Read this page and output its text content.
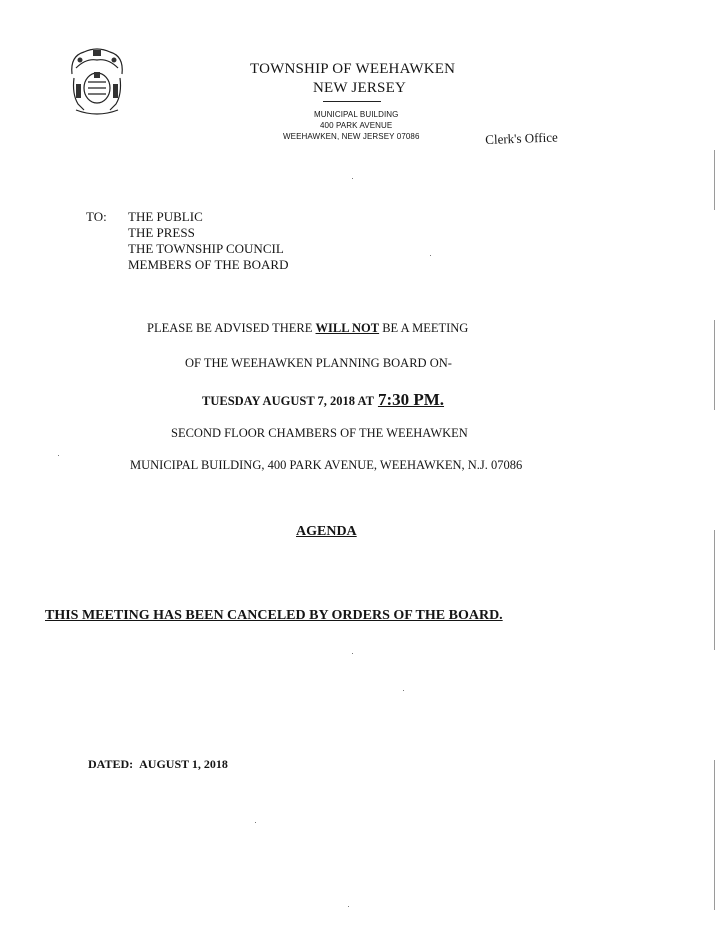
TOWNSHIP OF WEEHAWKEN
NEW JERSEY
MUNICIPAL BUILDING
400 PARK AVENUE
WEEHAWKEN, NEW JERSEY 07086	Clerk's Office
TO: THE PUBLIC
THE PRESS
THE TOWNSHIP COUNCIL
MEMBERS OF THE BOARD
PLEASE BE ADVISED THERE WILL NOT BE A MEETING
OF THE WEEHAWKEN PLANNING BOARD ON-
TUESDAY AUGUST 7, 2018 AT 7:30 PM.
SECOND FLOOR CHAMBERS OF THE WEEHAWKEN
MUNICIPAL BUILDING, 400 PARK AVENUE, WEEHAWKEN, N.J. 07086
AGENDA
THIS MEETING HAS BEEN CANCELED BY ORDERS OF THE BOARD.
DATED: AUGUST 1, 2018
